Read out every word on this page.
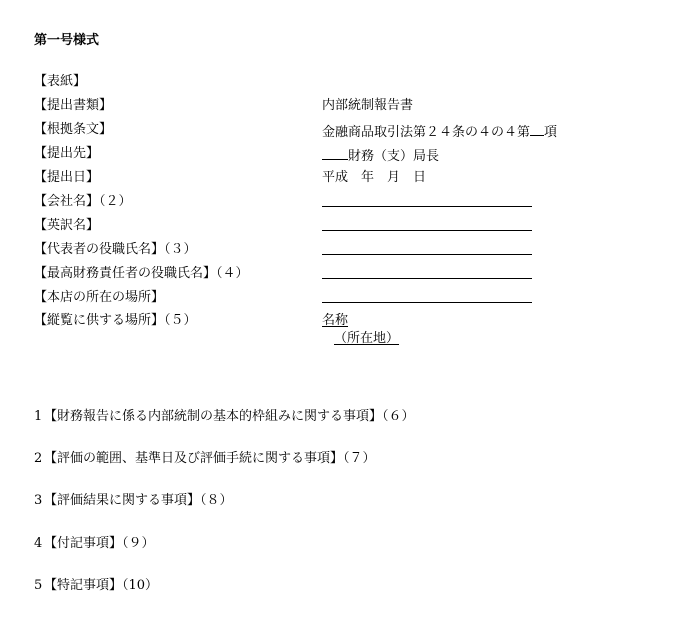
第一号様式
【表紙】
【提出書類】	内部統制報告書
【根拠条文】	金融商品取引法第２４条の４の４第 項
【提出先】	財務（支）局長
【提出日】	平成　年　月　日
【会社名】（２）
【英訳名】
【代表者の役職氏名】（３）
【最高財務責任者の役職氏名】（４）
【本店の所在の場所】
【縦覧に供する場所】（５）	名称
（所在地）
1 【財務報告に係る内部統制の基本的枠組みに関する事項】（６）
2 【評価の範囲、基準日及び評価手続に関する事項】（７）
3 【評価結果に関する事項】（８）
4 【付記事項】（９）
5 【特記事項】（10）
